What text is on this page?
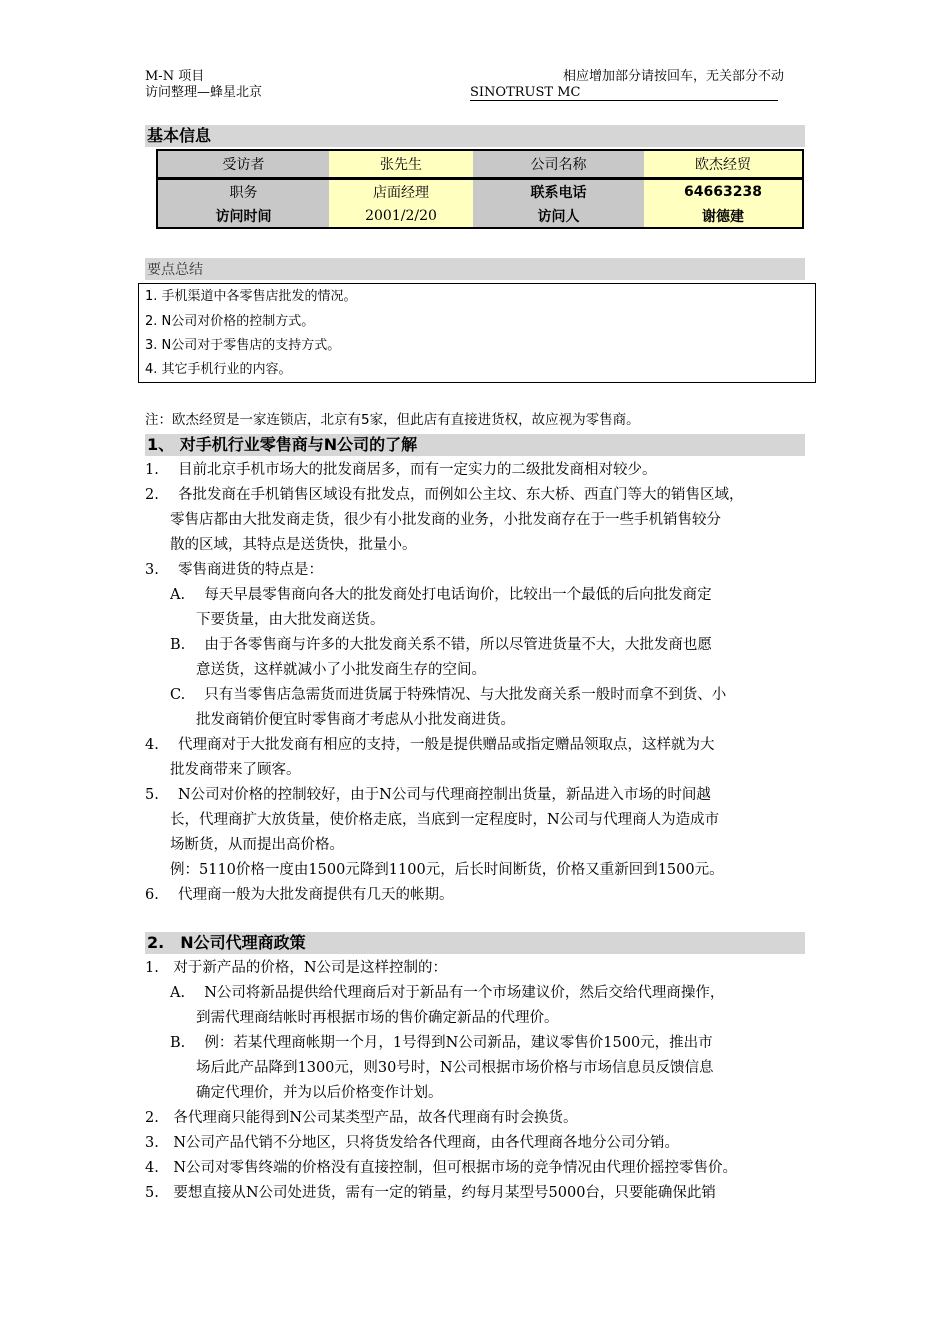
M-N 项目
访问整理—蜂星北京
相应增加部分请按回车，无关部分不动
SINOTRUST MC
基本信息
受访者	张先生	公司名称	欧杰经贸
职务	店面经理	联系电话	64663238
访问时间	2001/2/20	访问人	谢德建
要点总结
1. 手机渠道中各零售店批发的情况。
2. N公司对价格的控制方式。
3. N公司对于零售店的支持方式。
4. 其它手机行业的内容。
注：欧杰经贸是一家连锁店，北京有5家，但此店有直接进货权，故应视为零售商。
1、 对手机行业零售商与N公司的了解
1.　 目前北京手机市场大的批发商居多，而有一定实力的二级批发商相对较少。
2.　 各批发商在手机销售区域设有批发点，而例如公主坟、东大桥、西直门等大的销售区域，
零售店都由大批发商走货，很少有小批发商的业务，小批发商存在于一些手机销售较分
散的区域，其特点是送货快，批量小。
3.　 零售商进货的特点是：
A.　 每天早晨零售商向各大的批发商处打电话询价，比较出一个最低的后向批发商定
下要货量，由大批发商送货。
B.　 由于各零售商与许多的大批发商关系不错，所以尽管进货量不大，大批发商也愿
意送货，这样就减小了小批发商生存的空间。
C.　 只有当零售店急需货而进货属于特殊情况、与大批发商关系一般时而拿不到货、小
批发商销价便宜时零售商才考虑从小批发商进货。
4.　 代理商对于大批发商有相应的支持，一般是提供赠品或指定赠品领取点，这样就为大
批发商带来了顾客。
5.　 N公司对价格的控制较好，由于N公司与代理商控制出货量，新品进入市场的时间越
长，代理商扩大放货量，使价格走底，当底到一定程度时，N公司与代理商人为造成市
场断货，从而提出高价格。
例：5110价格一度由1500元降到1100元，后长时间断货，价格又重新回到1500元。
6.　 代理商一般为大批发商提供有几天的帐期。
2.　N公司代理商政策
1.　对于新产品的价格，N公司是这样控制的：
A.　 N公司将新品提供给代理商后对于新品有一个市场建议价，然后交给代理商操作，
到需代理商结帐时再根据市场的售价确定新品的代理价。
B.　 例：若某代理商帐期一个月，1号得到N公司新品，建议零售价1500元，推出市
场后此产品降到1300元，则30号时，N公司根据市场价格与市场信息员反馈信息
确定代理价，并为以后价格变作计划。
2.　各代理商只能得到N公司某类型产品，故各代理商有时会换货。
3.　N公司产品代销不分地区，只将货发给各代理商，由各代理商各地分公司分销。
4.　N公司对零售终端的价格没有直接控制，但可根据市场的竞争情况由代理价摇控零售价。
5.　要想直接从N公司处进货，需有一定的销量，约每月某型号5000台，只要能确保此销
